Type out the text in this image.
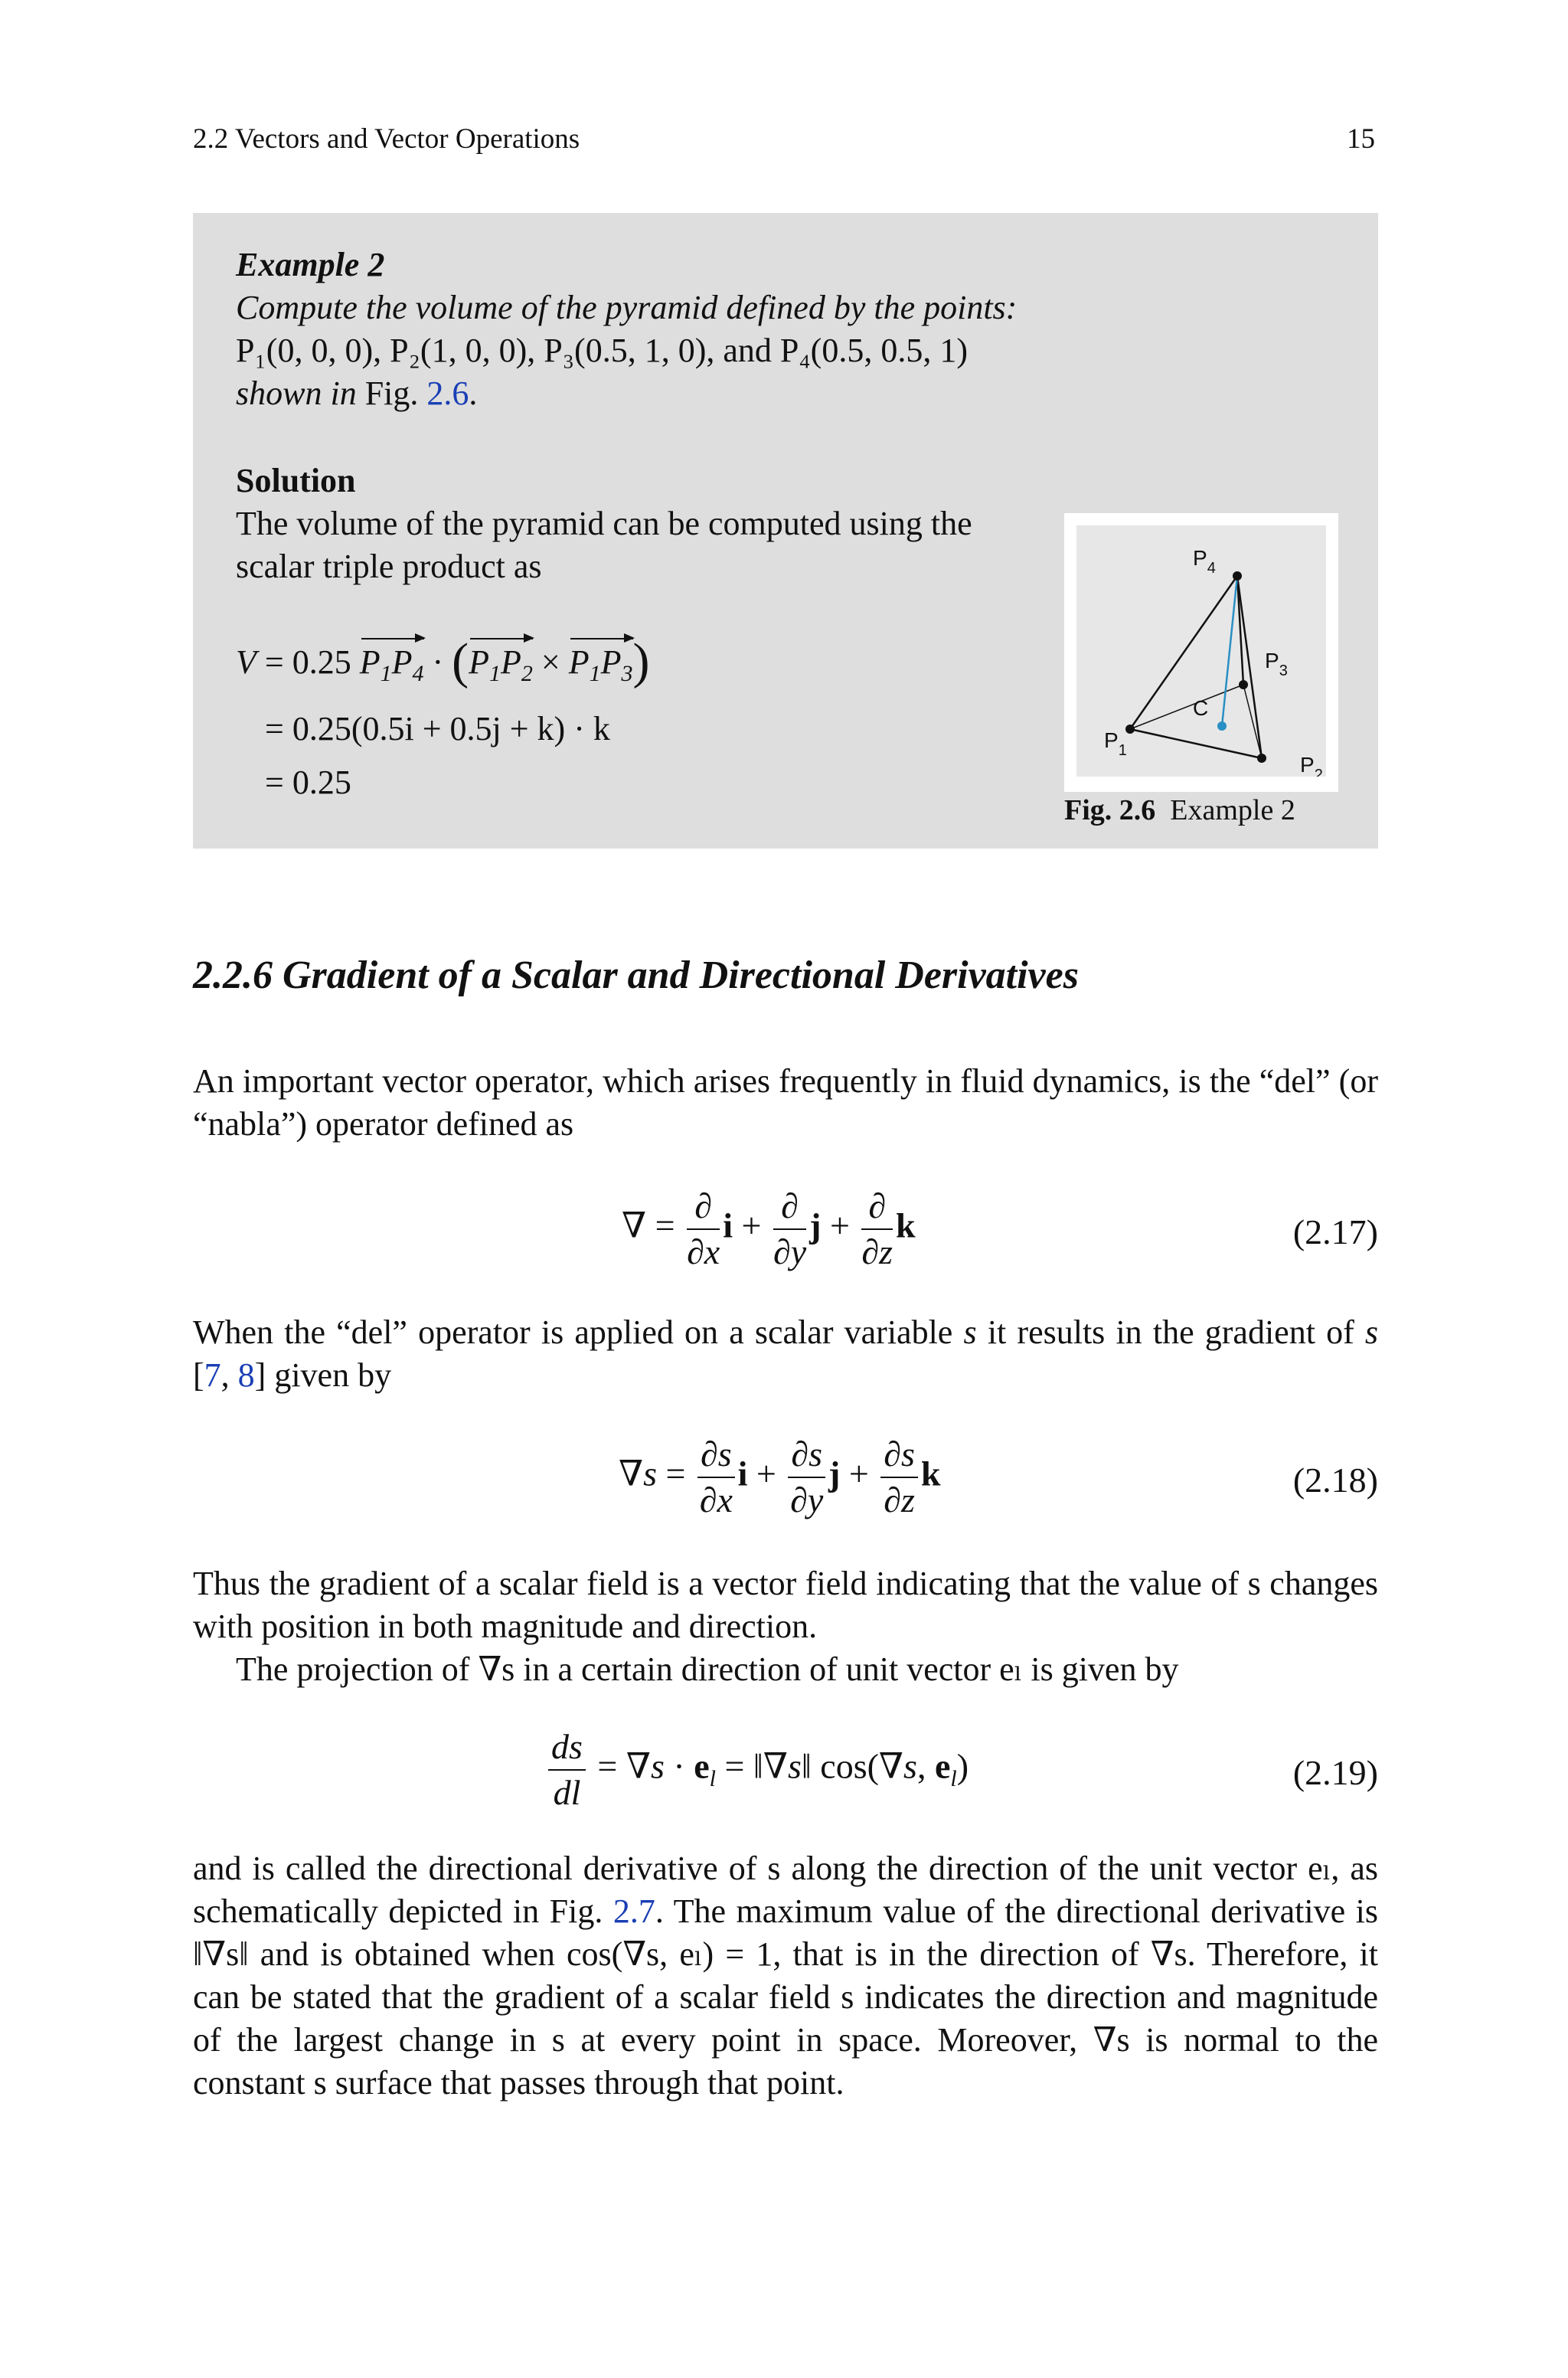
2.2 Vectors and Vector Operations	15
Example 2
Compute the volume of the pyramid defined by the points:
P₁(0, 0, 0), P₂(1, 0, 0), P₃(0.5, 1, 0), and P₄(0.5, 0.5, 1)
shown in Fig. 2.6.
Solution
The volume of the pyramid can be computed using the scalar triple product as
V = 0.25 $P_1P_4 \cdot (P_1P_2 \times P_1P_3)$
= 0.25(0.5i + 0.5j + k) · k
= 0.25
$P_4$
$P_3$
C
$P_1$
$P_2$
Fig. 2.6 Example 2
2.2.6 Gradient of a Scalar and Directional Derivatives
An important vector operator, which arises frequently in fluid dynamics, is the “del” (or “nabla”) operator defined as
∇ = $\frac{\partial}{\partial x}$ $i + \frac{\partial}{\partial y}$ $j + \frac{\partial}{\partial z}$ k	(2.17)
When the “del” operator is applied on a scalar variable s it results in the gradient of s [7, 8] given by
$\nabla s = \frac{\partial s}{\partial x}$ $i + \frac{\partial s}{\partial y}$ $j + \frac{\partial s}{\partial z}$ k	(2.18)
Thus the gradient of a scalar field is a vector field indicating that the value of s changes with position in both magnitude and direction.
The projection of ∇s in a certain direction of unit vector eₗ is given by
$\frac{ds}{dl} = \nabla s \cdot e_l$ = ‖∇s‖ cos(∇s, $e_l$)	(2.19)
and is called the directional derivative of s along the direction of the unit vector eₗ, as schematically depicted in Fig. 2.7. The maximum value of the directional derivative is ‖∇s‖ and is obtained when cos(∇s, eₗ) = 1, that is in the direction of ∇s. Therefore, it can be stated that the gradient of a scalar field s indicates the direction and magnitude of the largest change in s at every point in space. Moreover, ∇s is normal to the constant s surface that passes through that point.
